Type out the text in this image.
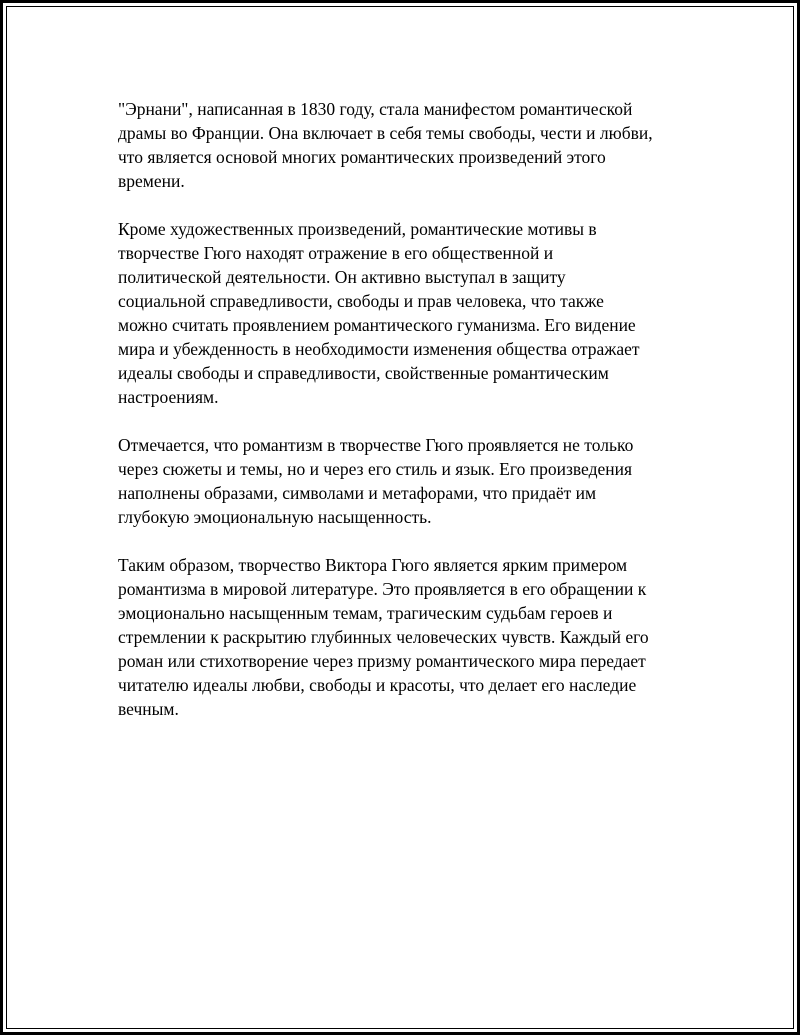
"Эрнани", написанная в 1830 году, стала манифестом романтической
драмы во Франции. Она включает в себя темы свободы, чести и любви,
что является основой многих романтических произведений этого
времени.

Кроме художественных произведений, романтические мотивы в
творчестве Гюго находят отражение в его общественной и
политической деятельности. Он активно выступал в защиту
социальной справедливости, свободы и прав человека, что также
можно считать проявлением романтического гуманизма. Его видение
мира и убежденность в необходимости изменения общества отражает
идеалы свободы и справедливости, свойственные романтическим
настроениям.

Отмечается, что романтизм в творчестве Гюго проявляется не только
через сюжеты и темы, но и через его стиль и язык. Его произведения
наполнены образами, символами и метафорами, что придаёт им
глубокую эмоциональную насыщенность.

Таким образом, творчество Виктора Гюго является ярким примером
романтизма в мировой литературе. Это проявляется в его обращении к
эмоционально насыщенным темам, трагическим судьбам героев и
стремлении к раскрытию глубинных человеческих чувств. Каждый его
роман или стихотворение через призму романтического мира передает
читателю идеалы любви, свободы и красоты, что делает его наследие
вечным.
